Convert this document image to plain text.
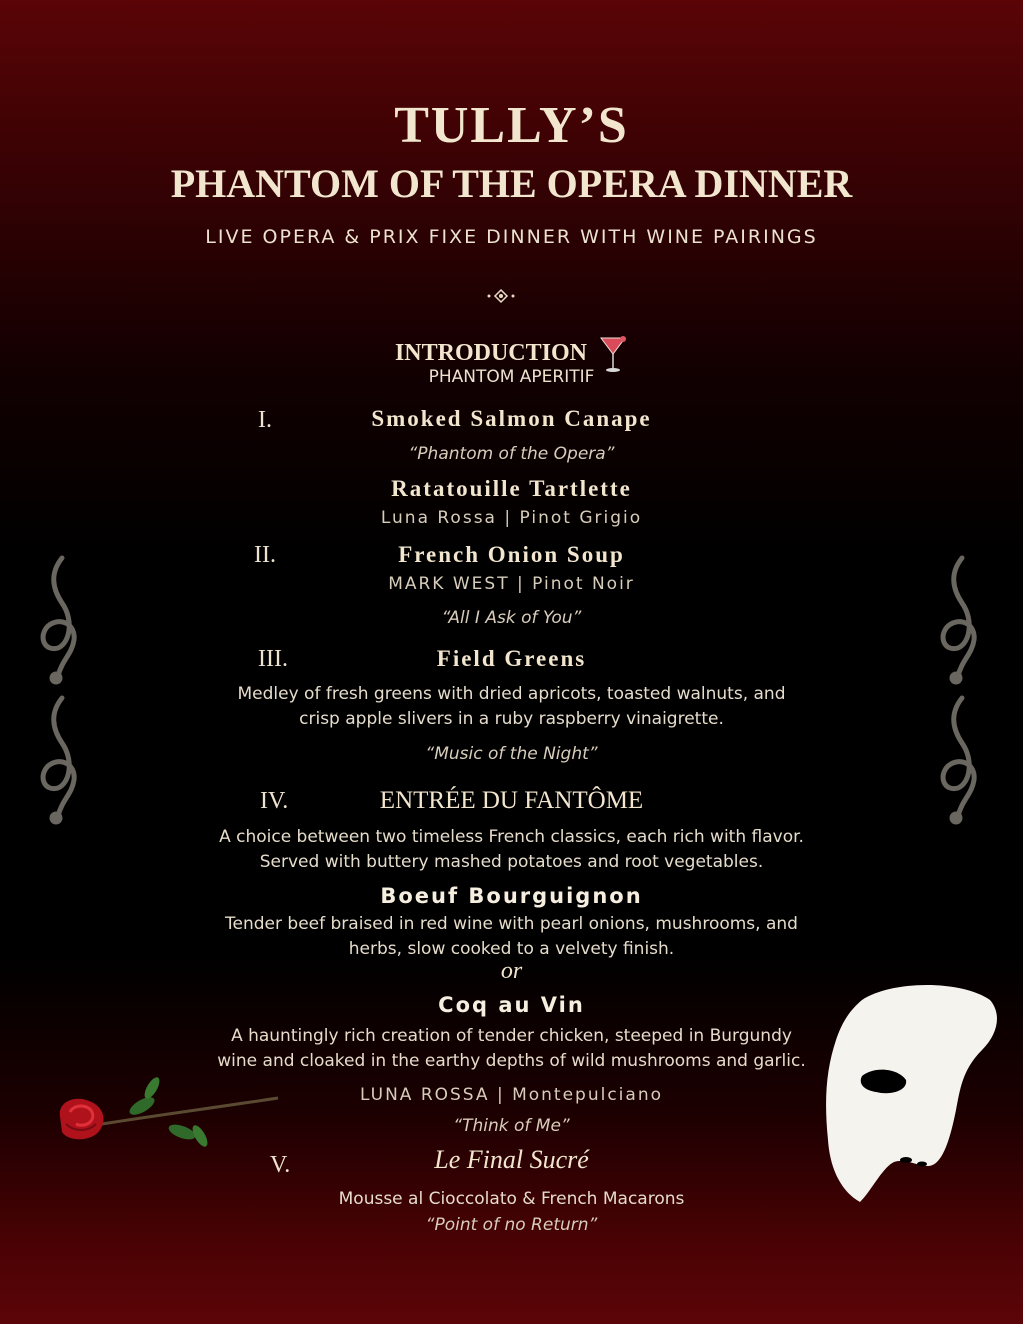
TULLY’S
PHANTOM OF THE OPERA DINNER
LIVE OPERA & PRIX FIXE DINNER WITH WINE PAIRINGS
INTRODUCTION
PHANTOM APERITIF
I.	Smoked Salmon Canape
“Phantom of the Opera”
Ratatouille Tartlette
Luna Rossa | Pinot Grigio
II.	French Onion Soup
MARK WEST | Pinot Noir
“All I Ask of You”
III.	Field Greens
Medley of fresh greens with dried apricots, toasted walnuts, and
crisp apple slivers in a ruby raspberry vinaigrette.
“Music of the Night”
IV.	ENTRÉE DU FANTÔME
A choice between two timeless French classics, each rich with flavor.
Served with buttery mashed potatoes and root vegetables.
Boeuf Bourguignon
Tender beef braised in red wine with pearl onions, mushrooms, and
herbs, slow cooked to a velvety finish.
or
Coq au Vin
A hauntingly rich creation of tender chicken, steeped in Burgundy
wine and cloaked in the earthy depths of wild mushrooms and garlic.
LUNA ROSSA | Montepulciano
“Think of Me”
V.	Le Final Sucré
Mousse al Cioccolato & French Macarons
“Point of no Return”
